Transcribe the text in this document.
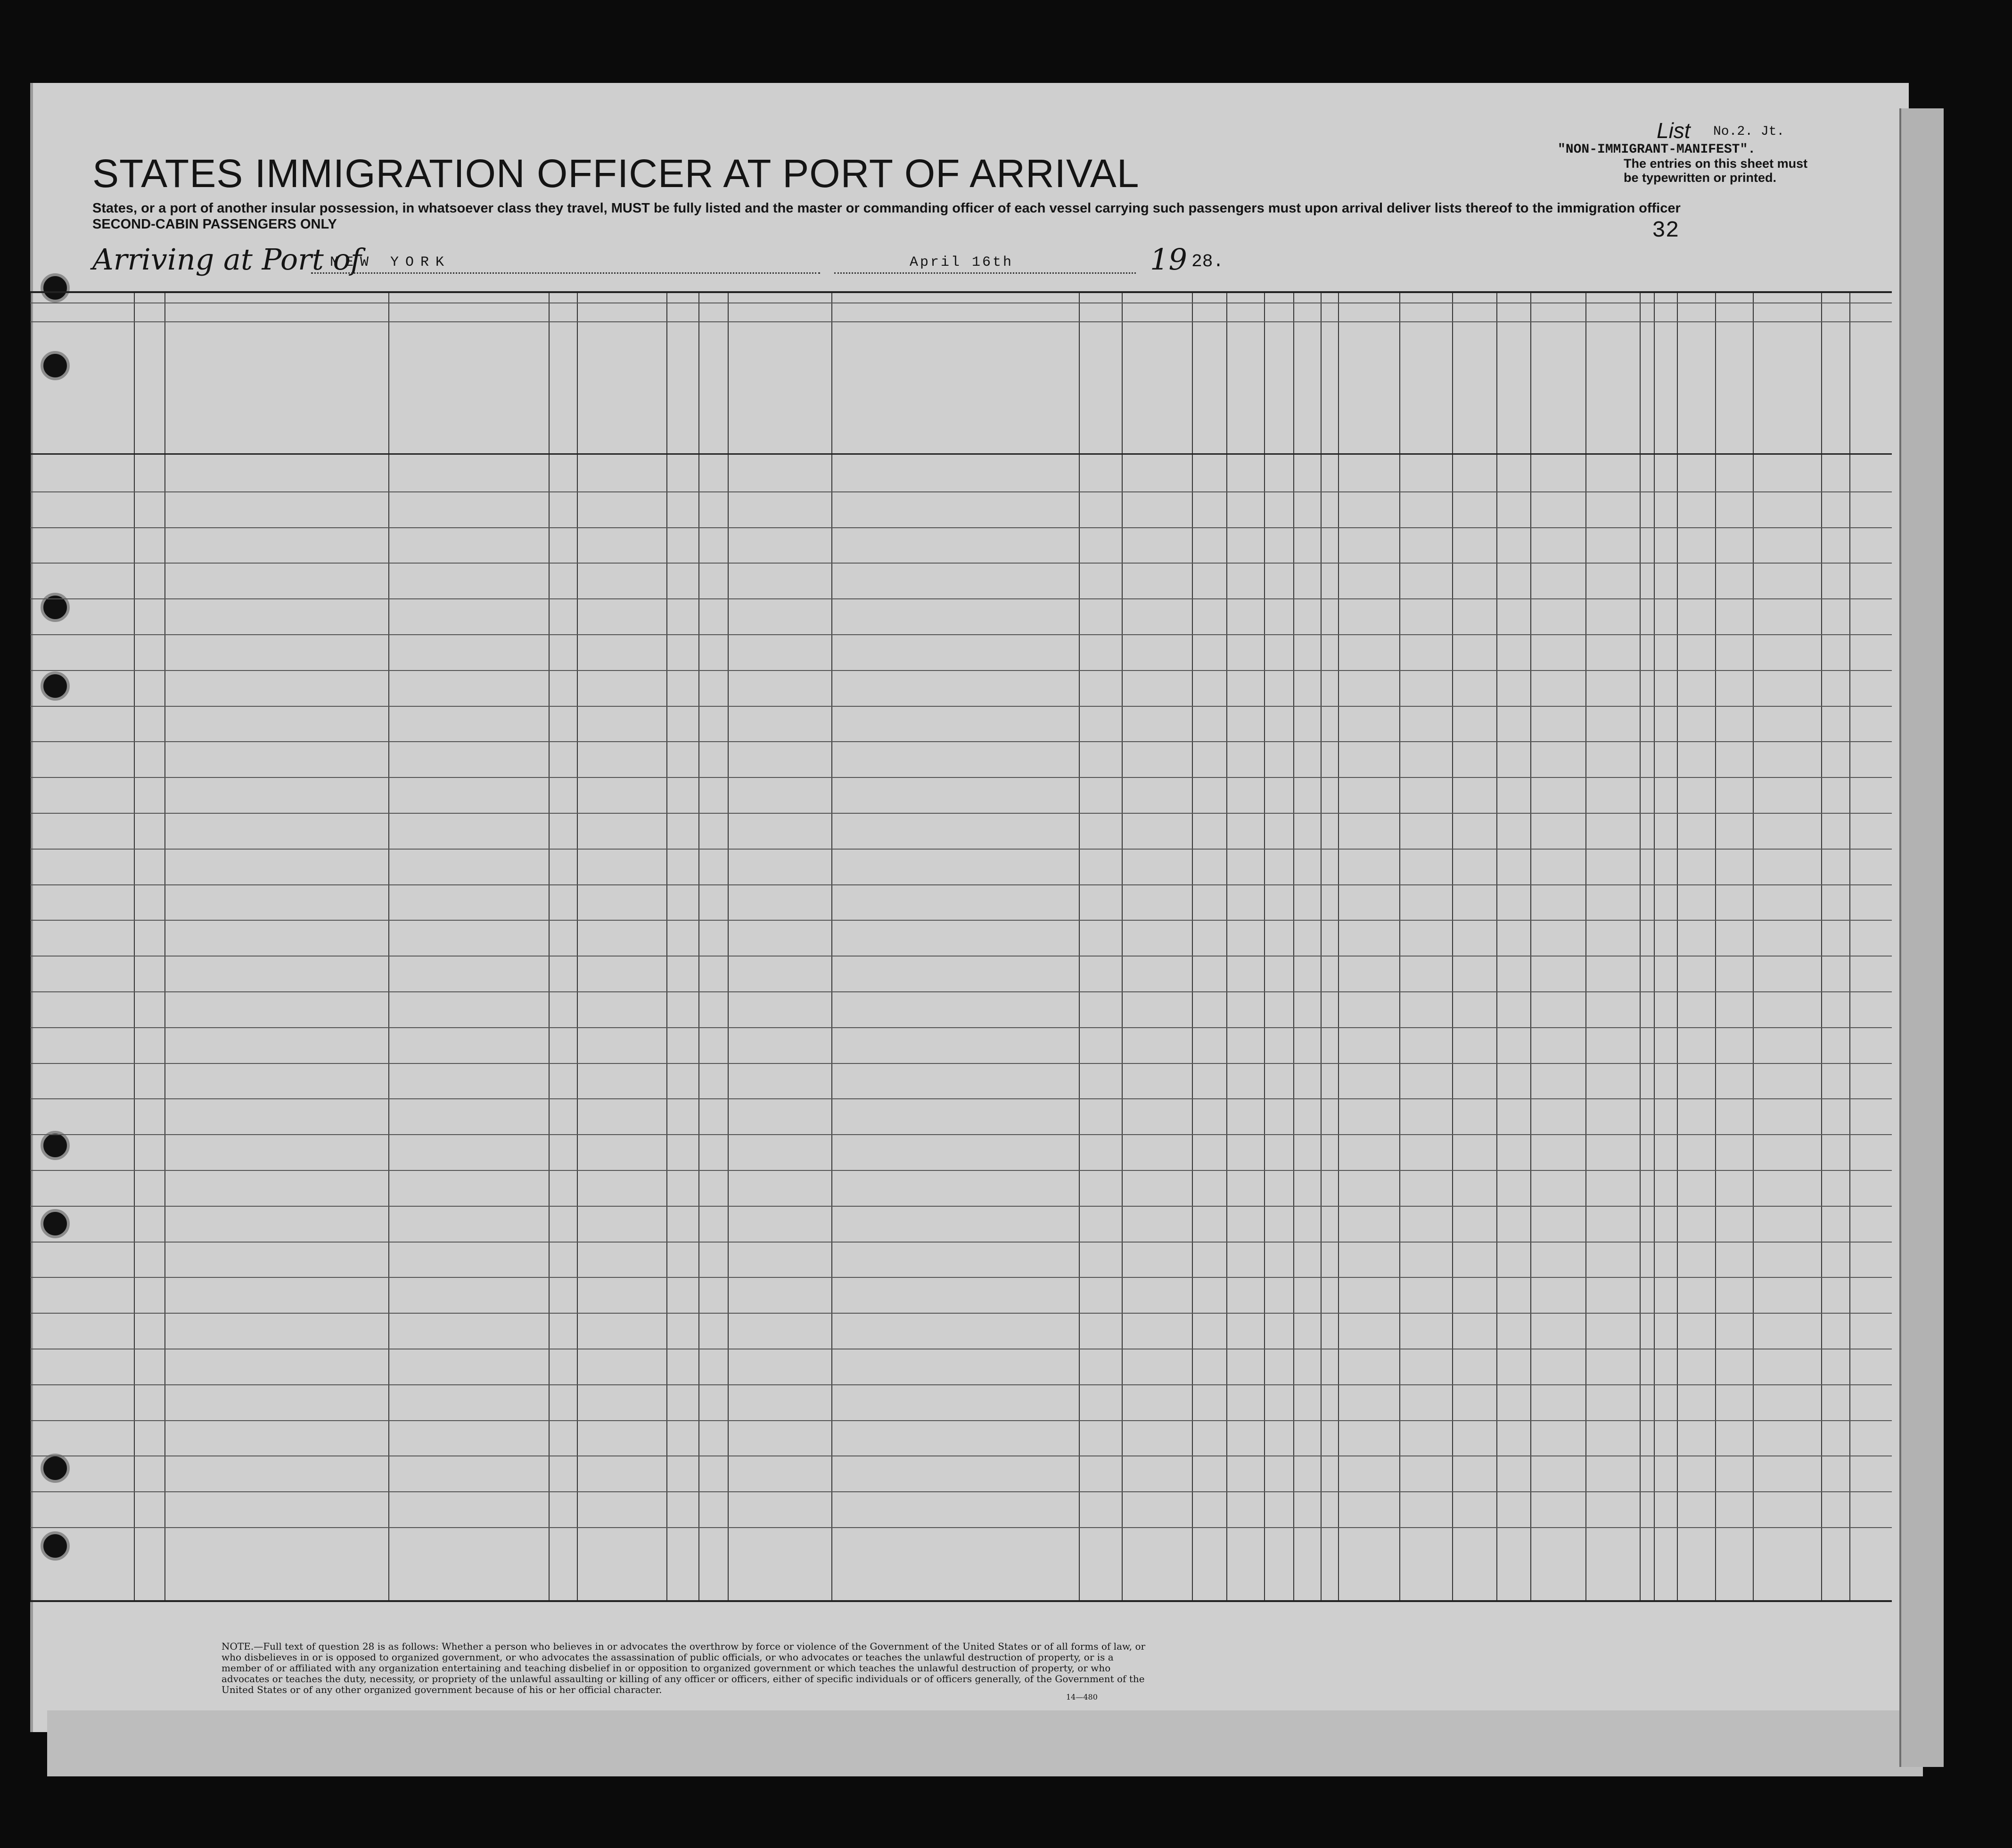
STATES IMMIGRATION OFFICER AT PORT OF ARRIVAL
States, or a port of another insular possession, in whatsoever class they travel, MUST be fully listed and the master or commanding officer of each vessel carrying such passengers must upon arrival deliver lists thereof to the immigration officer
SECOND-CABIN PASSENGERS ONLY
List No.2. Jt.
"NON-IMMIGRANT-MANIFEST".
The entries on this sheet must
be typewritten or printed.
32
Arriving at Port of
NEW YORK	April 16th	19 28.
NOTE.—Full text of question 28 is as follows: Whether a person who believes in or advocates the overthrow by force or violence of the Government of the United States or of all forms of law, or who disbelieves in or is opposed to organized government, or who advocates the assassination of public officials, or who advocates or teaches the unlawful destruction of property, or is a member of or affiliated with any organization entertaining and teaching disbelief in or opposition to organized government or which teaches the unlawful destruction of property, or who advocates or teaches the duty, necessity, or propriety of the unlawful assaulting or killing of any officer or officers, either of specific individuals or of officers generally, of the Government of the United States or of any other organized government because of his or her official character.
14—480
